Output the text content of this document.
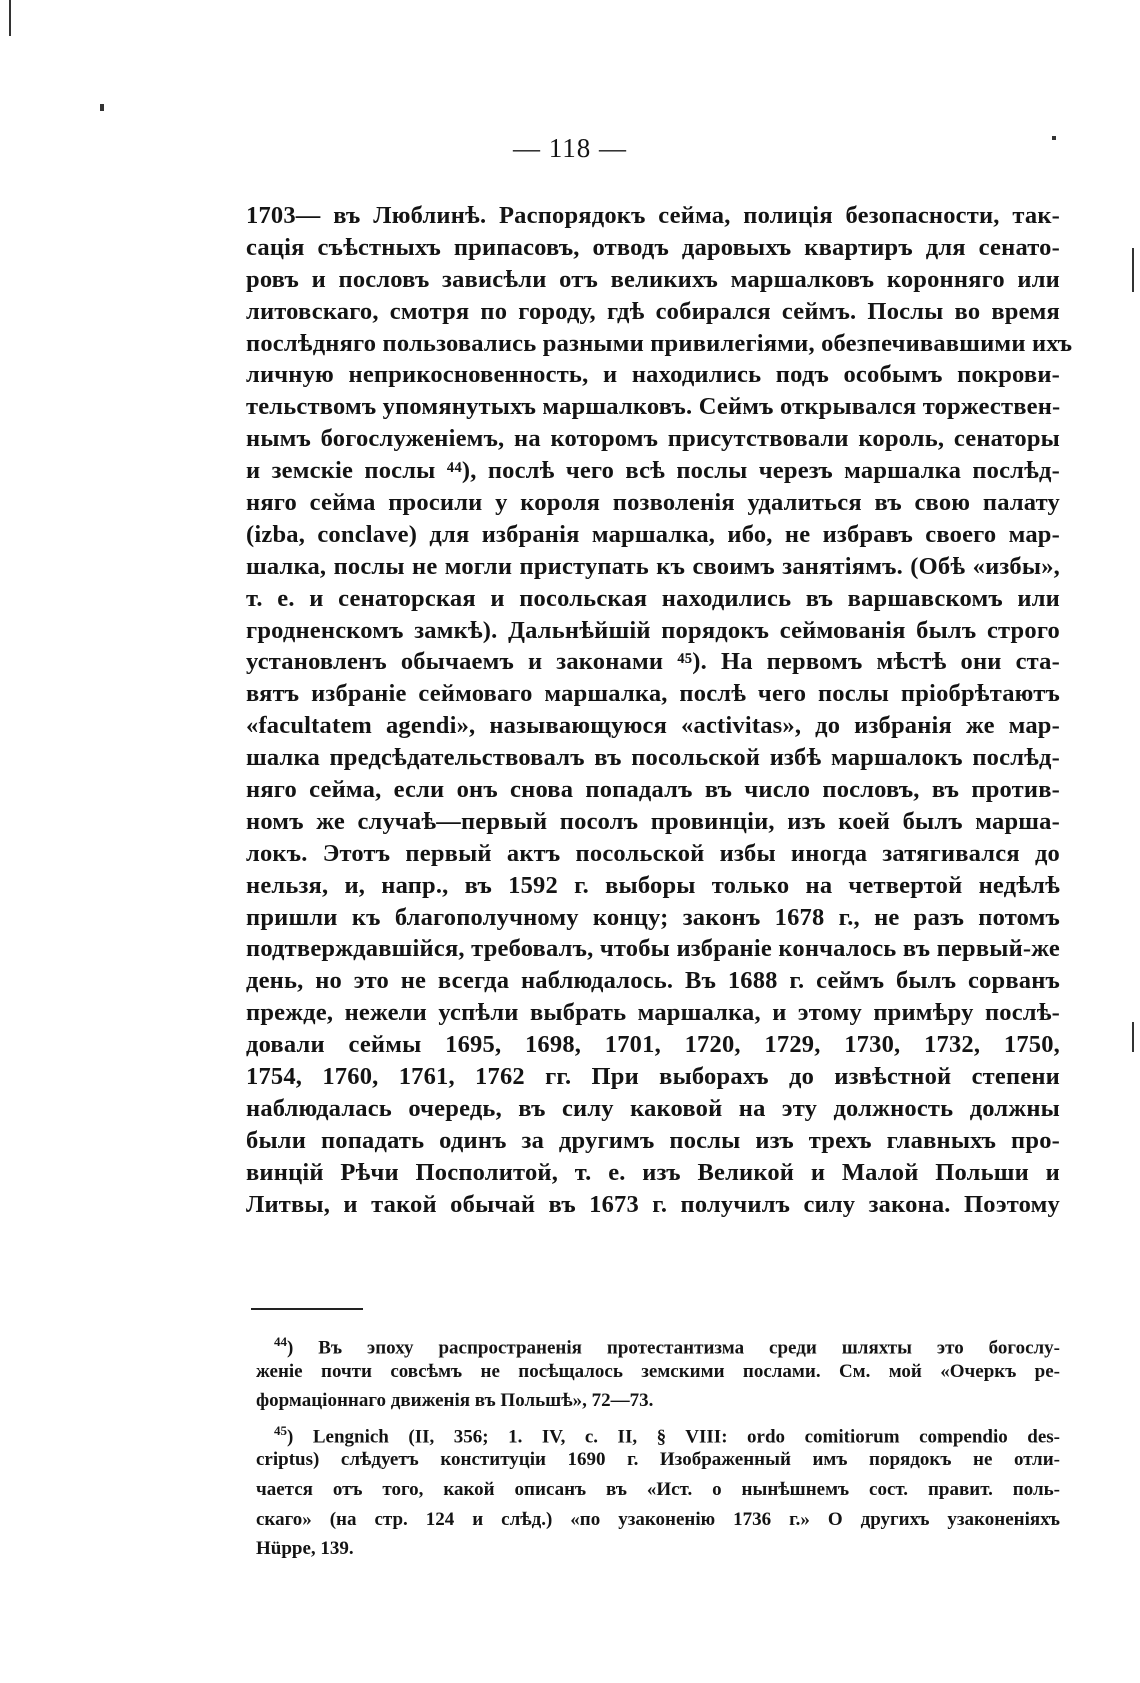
— 118 —
1703— въ Люблинѣ. Распорядокъ сейма, полиція безопасности, так-
сація съѣстныхъ припасовъ, отводъ даровыхъ квартиръ для сенато-
ровъ и пословъ зависѣли отъ великихъ маршалковъ коронняго или
литовскаго, смотря по городу, гдѣ собирался сеймъ. Послы во время
послѣдняго пользовались разными привилегіями, обезпечивавшими ихъ
личную неприкосновенность, и находились подъ особымъ покрови-
тельствомъ упомянутыхъ маршалковъ. Сеймъ открывался торжествен-
нымъ богослуженіемъ, на которомъ присутствовали король, сенаторы
и земскіе послы ⁴⁴), послѣ чего всѣ послы черезъ маршалка послѣд-
няго сейма просили у короля позволенія удалиться въ свою палату
(izba, conclave) для избранія маршалка, ибо, не избравъ своего мар-
шалка, послы не могли приступать къ своимъ занятіямъ. (Обѣ «избы»,
т. е. и сенаторская и посольская находились въ варшавскомъ или
гродненскомъ замкѣ). Дальнѣйшій порядокъ сеймованія былъ строго
установленъ обычаемъ и законами ⁴⁵). На первомъ мѣстѣ они ста-
вятъ избраніе сеймоваго маршалка, послѣ чего послы пріобрѣтаютъ
«facultatem agendi», называющуюся «activitas», до избранія же мар-
шалка предсѣдательствовалъ въ посольской избѣ маршалокъ послѣд-
няго сейма, если онъ снова попадалъ въ число пословъ, въ против-
номъ же случаѣ—первый посолъ провинціи, изъ коей былъ марша-
локъ. Этотъ первый актъ посольской избы иногда затягивался до
нельзя, и, напр., въ 1592 г. выборы только на четвертой недѣлѣ
пришли къ благополучному концу; законъ 1678 г., не разъ потомъ
подтверждавшійся, требовалъ, чтобы избраніе кончалось въ первый-же
день, но это не всегда наблюдалось. Въ 1688 г. сеймъ былъ сорванъ
прежде, нежели успѣли выбрать маршалка, и этому примѣру послѣ-
довали сеймы 1695, 1698, 1701, 1720, 1729, 1730, 1732, 1750,
1754, 1760, 1761, 1762 гг. При выборахъ до извѣстной степени
наблюдалась очередь, въ силу каковой на эту должность должны
были попадать одинъ за другимъ послы изъ трехъ главныхъ про-
винцій Рѣчи Посполитой, т. е. изъ Великой и Малой Польши и
Литвы, и такой обычай въ 1673 г. получилъ силу закона. Поэтому
$^{44}$) Въ эпоху распространенія протестантизма среди шляхты это богослу-
женіе почти совсѣмъ не посѣщалось земскими послами. См. мой «Очеркъ ре-
формаціоннаго движенія въ Польшѣ», 72—73.
$^{45}$) Lengnich (II, 356; 1. IV, c. II, § VIII: ordo comitiorum compendio des-
criptus) слѣдуетъ конституціи 1690 г. Изображенный имъ порядокъ не отли-
чается отъ того, какой описанъ въ «Ист. о нынѣшнемъ сост. правит. поль-
скаго» (на стр. 124 и слѣд.) «по узаконенію 1736 г.» О другихъ узаконеніяхъ
Hüppe, 139.
